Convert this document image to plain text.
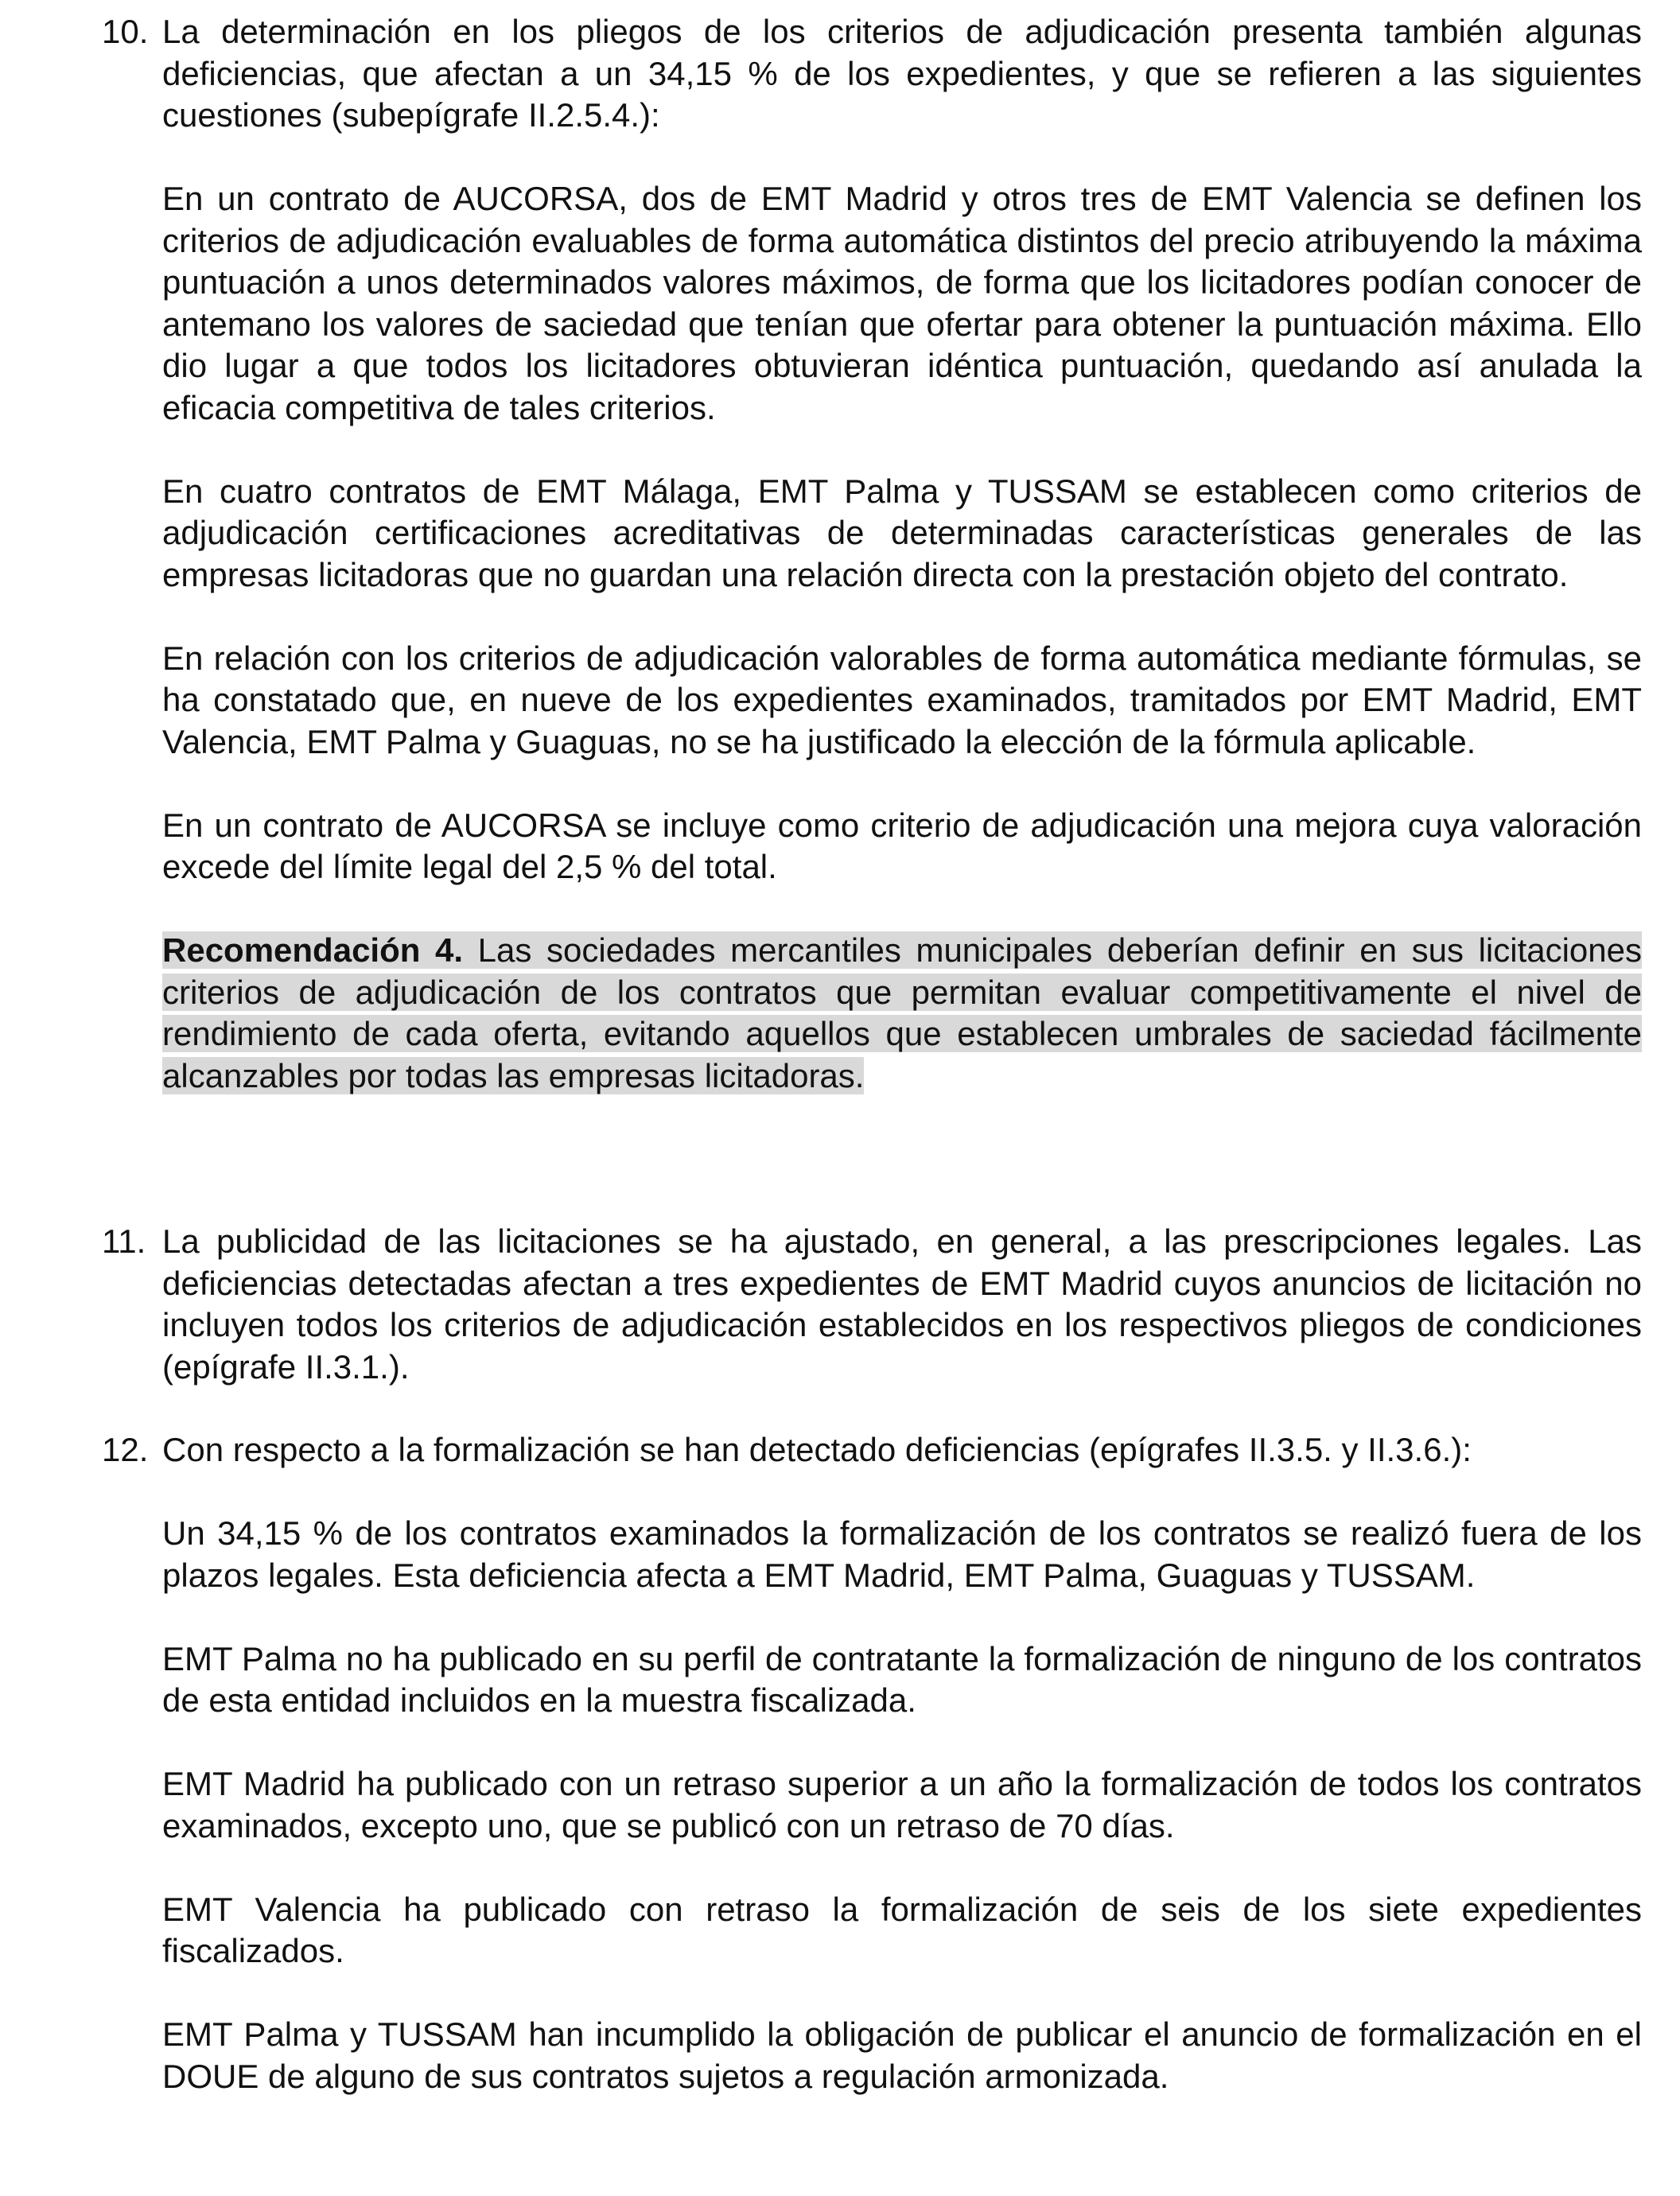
10. La determinación en los pliegos de los criterios de adjudicación presenta también algunas deficiencias, que afectan a un 34,15 % de los expedientes, y que se refieren a las siguientes cuestiones (subepígrafe II.2.5.4.):

En un contrato de AUCORSA, dos de EMT Madrid y otros tres de EMT Valencia se definen los criterios de adjudicación evaluables de forma automática distintos del precio atribuyendo la máxima puntuación a unos determinados valores máximos, de forma que los licitadores podían conocer de antemano los valores de saciedad que tenían que ofertar para obtener la puntuación máxima. Ello dio lugar a que todos los licitadores obtuvieran idéntica puntuación, quedando así anulada la eficacia competitiva de tales criterios.

En cuatro contratos de EMT Málaga, EMT Palma y TUSSAM se establecen como criterios de adjudicación certificaciones acreditativas de determinadas características generales de las empresas licitadoras que no guardan una relación directa con la prestación objeto del contrato.

En relación con los criterios de adjudicación valorables de forma automática mediante fórmulas, se ha constatado que, en nueve de los expedientes examinados, tramitados por EMT Madrid, EMT Valencia, EMT Palma y Guaguas, no se ha justificado la elección de la fórmula aplicable.

En un contrato de AUCORSA se incluye como criterio de adjudicación una mejora cuya valoración excede del límite legal del 2,5 % del total.

Recomendación 4. Las sociedades mercantiles municipales deberían definir en sus licitaciones criterios de adjudicación de los contratos que permitan evaluar competitivamente el nivel de rendimiento de cada oferta, evitando aquellos que establecen umbrales de saciedad fácilmente alcanzables por todas las empresas licitadoras.

11. La publicidad de las licitaciones se ha ajustado, en general, a las prescripciones legales. Las deficiencias detectadas afectan a tres expedientes de EMT Madrid cuyos anuncios de licitación no incluyen todos los criterios de adjudicación establecidos en los respectivos pliegos de condiciones (epígrafe II.3.1.).

12. Con respecto a la formalización se han detectado deficiencias (epígrafes II.3.5. y II.3.6.):

Un 34,15 % de los contratos examinados la formalización de los contratos se realizó fuera de los plazos legales. Esta deficiencia afecta a EMT Madrid, EMT Palma, Guaguas y TUSSAM.

EMT Palma no ha publicado en su perfil de contratante la formalización de ninguno de los contratos de esta entidad incluidos en la muestra fiscalizada.

EMT Madrid ha publicado con un retraso superior a un año la formalización de todos los contratos examinados, excepto uno, que se publicó con un retraso de 70 días.

EMT Valencia ha publicado con retraso la formalización de seis de los siete expedientes fiscalizados.

EMT Palma y TUSSAM han incumplido la obligación de publicar el anuncio de formalización en el DOUE de alguno de sus contratos sujetos a regulación armonizada.
